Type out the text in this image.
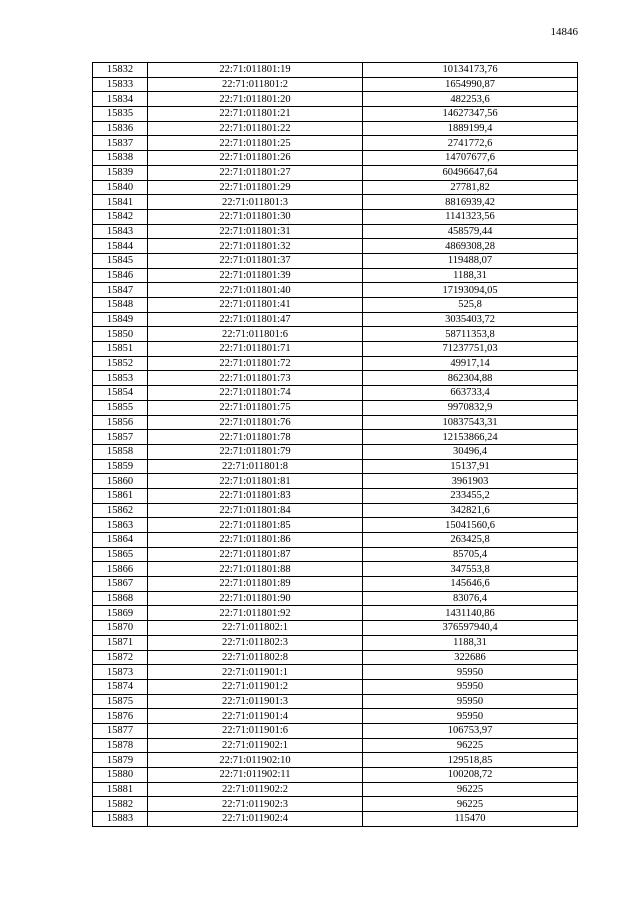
14846
15832	22:71:011801:19	10134173,76
15833	22:71:011801:2	1654990,87
15834	22:71:011801:20	482253,6
15835	22:71:011801:21	14627347,56
15836	22:71:011801:22	1889199,4
15837	22:71:011801:25	2741772,6
15838	22:71:011801:26	14707677,6
15839	22:71:011801:27	60496647,64
15840	22:71:011801:29	27781,82
15841	22:71:011801:3	8816939,42
15842	22:71:011801:30	1141323,56
15843	22:71:011801:31	458579,44
15844	22:71:011801:32	4869308,28
15845	22:71:011801:37	119488,07
15846	22:71:011801:39	1188,31
15847	22:71:011801:40	17193094,05
15848	22:71:011801:41	525,8
15849	22:71:011801:47	3035403,72
15850	22:71:011801:6	58711353,8
15851	22:71:011801:71	71237751,03
15852	22:71:011801:72	49917,14
15853	22:71:011801:73	862304,88
15854	22:71:011801:74	663733,4
15855	22:71:011801:75	9970832,9
15856	22:71:011801:76	10837543,31
15857	22:71:011801:78	12153866,24
15858	22:71:011801:79	30496,4
15859	22:71:011801:8	15137,91
15860	22:71:011801:81	3961903
15861	22:71:011801:83	233455,2
15862	22:71:011801:84	342821,6
15863	22:71:011801:85	15041560,6
15864	22:71:011801:86	263425,8
15865	22:71:011801:87	85705,4
15866	22:71:011801:88	347553,8
15867	22:71:011801:89	145646,6
15868	22:71:011801:90	83076,4
15869	22:71:011801:92	1431140,86
15870	22:71:011802:1	376597940,4
15871	22:71:011802:3	1188,31
15872	22:71:011802:8	322686
15873	22:71:011901:1	95950
15874	22:71:011901:2	95950
15875	22:71:011901:3	95950
15876	22:71:011901:4	95950
15877	22:71:011901:6	106753,97
15878	22:71:011902:1	96225
15879	22:71:011902:10	129518,85
15880	22:71:011902:11	100208,72
15881	22:71:011902:2	96225
15882	22:71:011902:3	96225
15883	22:71:011902:4	115470
